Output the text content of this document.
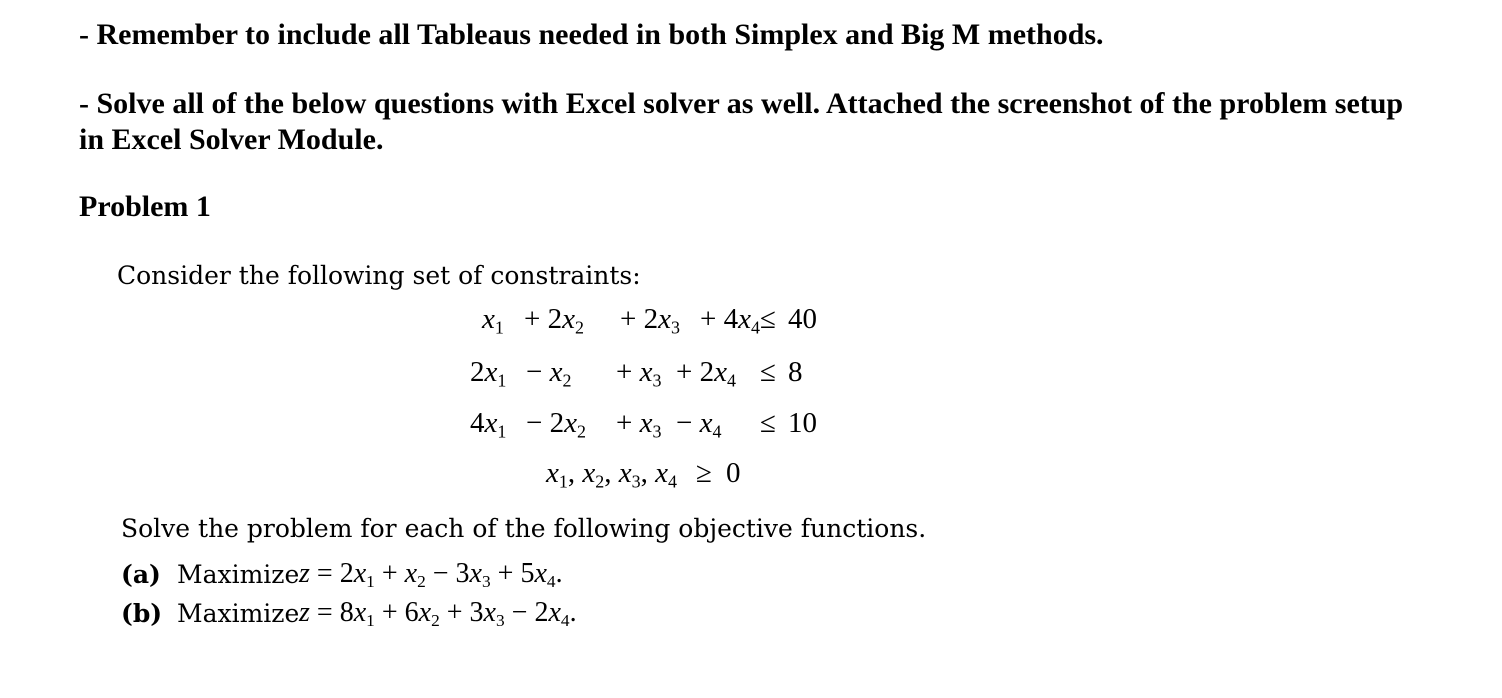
- Remember to include all Tableaus needed in both Simplex and Big M methods.

- Solve all of the below questions with Excel solver as well. Attached the screenshot of the problem setup in Excel Solver Module.

Problem 1

Consider the following set of constraints:
$x_1 + 2x_2 + 2x_3 + 4x_4 \le 40$
$2x_1 - x_2 + x_3 + 2x_4 \le 8$
$4x_1 - 2x_2 + x_3 - x_4 \le 10$
$x_1$, $x_2$, $x_3$, $x_4 \ge 0$
Solve the problem for each of the following objective functions.
(a) Maximize $z = 2x_1 + x_2 - 3x_3 + 5x_4$.
(b) Maximize $z = 8x_1 + 6x_2 + 3x_3 - 2x_4$.
